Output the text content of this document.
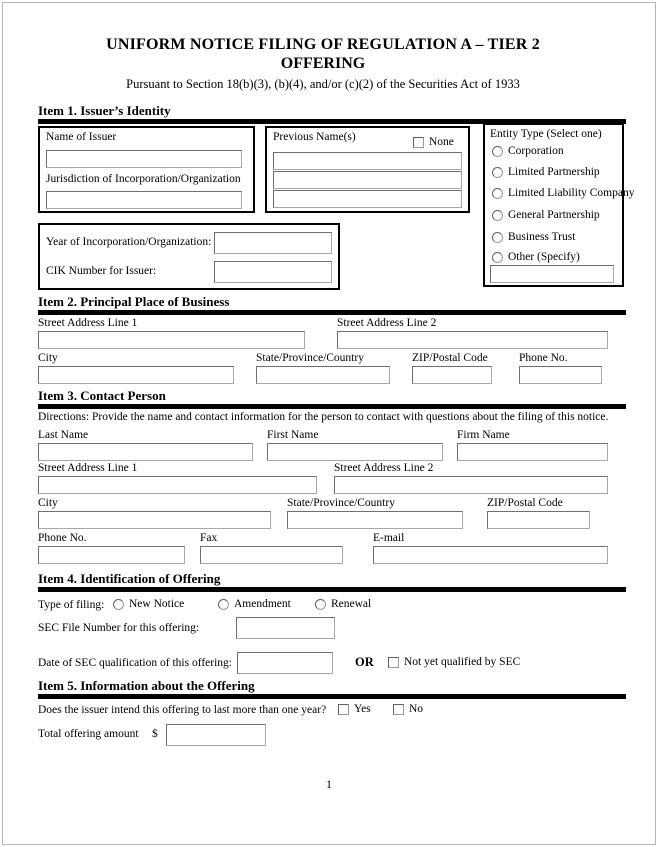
UNIFORM NOTICE FILING OF REGULATION A – TIER 2
OFFERING
Pursuant to Section 18(b)(3), (b)(4), and/or (c)(2) of the Securities Act of 1933
Item 1. Issuer’s Identity
Name of Issuer
Jurisdiction of Incorporation/Organization
Previous Name(s)	None
Entity Type (Select one)
Corporation
Limited Partnership
Limited Liability Company
General Partnership
Business Trust
Other (Specify)
Year of Incorporation/Organization:
CIK Number for Issuer:
Item 2. Principal Place of Business
Street Address Line 1	Street Address Line 2
City	State/Province/Country	ZIP/Postal Code	Phone No.
Item 3. Contact Person
Directions: Provide the name and contact information for the person to contact with questions about the filing of this notice.
Last Name	First Name	Firm Name
Street Address Line 1	Street Address Line 2
City	State/Province/Country	ZIP/Postal Code
Phone No.	Fax	E-mail
Item 4. Identification of Offering
Type of filing: New Notice	Amendment	Renewal
SEC File Number for this offering:
Date of SEC qualification of this offering:	OR	Not yet qualified by SEC
Item 5. Information about the Offering
Does the issuer intend this offering to last more than one year? Yes	No
Total offering amount $
1
